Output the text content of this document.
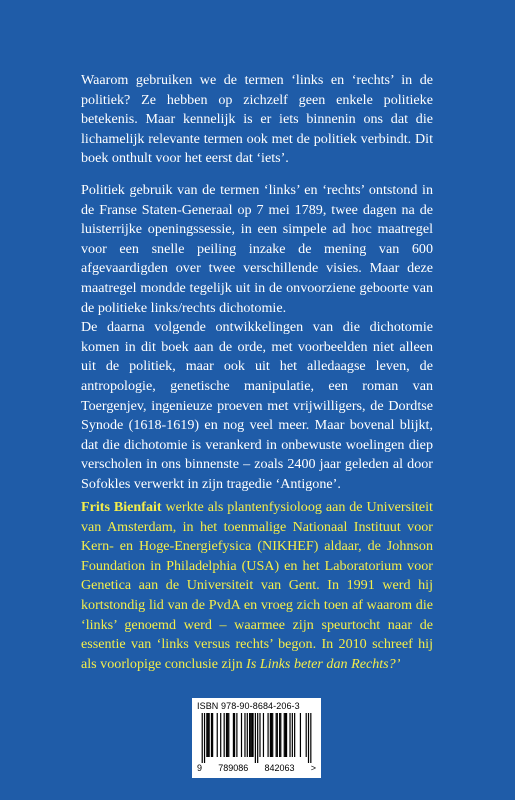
Waarom gebruiken we de termen ‘links en ‘rechts’ in de politiek? Ze hebben op zichzelf geen enkele politieke betekenis. Maar kennelijk is er iets binnenin ons dat die lichamelijk relevante termen ook met de politiek verbindt. Dit boek onthult voor het eerst dat ‘iets’.

Politiek gebruik van de termen ‘links’ en ‘rechts’ ontstond in de Franse Staten-Generaal op 7 mei 1789, twee dagen na de luisterrijke openingssessie, in een simpele ad hoc maatregel voor een snelle peiling inzake de mening van 600 afgevaardigden over twee verschillende visies. Maar deze maatregel mondde tegelijk uit in de onvoorziene geboorte van de politieke links/rechts dichotomie.

De daarna volgende ontwikkelingen van die dichotomie komen in dit boek aan de orde, met voorbeelden niet alleen uit de politiek, maar ook uit het alledaagse leven, de antropologie, genetische manipulatie, een roman van Toergenjev, ingenieuze proeven met vrijwilligers, de Dordtse Synode (1618-1619) en nog veel meer. Maar bovenal blijkt, dat die dichotomie is verankerd in onbewuste woelingen diep verscholen in ons binnenste – zoals 2400 jaar geleden al door Sofokles verwerkt in zijn tragedie ‘Antigone’.

Frits Bienfait werkte als plantenfysioloog aan de Universiteit van Amsterdam, in het toenmalige Nationaal Instituut voor Kern- en Hoge-Energiefysica (NIKHEF) aldaar, de Johnson Foundation in Philadelphia (USA) en het Laboratorium voor Genetica aan de Universiteit van Gent. In 1991 werd hij kortstondig lid van de PvdA en vroeg zich toen af waarom die ‘links’ genoemd werd – waarmee zijn speurtocht naar de essentie van ‘links versus rechts’ begon. In 2010 schreef hij als voorlopige conclusie zijn Is Links beter dan Rechts?’

ISBN 978-90-8684-206-3
9 789086 842063 >
